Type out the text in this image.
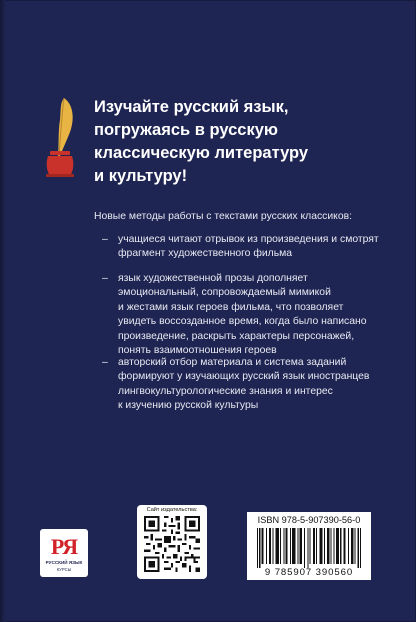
Изучайте русский язык,
погружаясь в русскую
классическую литературу
и культуру!
Новые методы работы с текстами русских классиков:
– учащиеся читают отрывок из произведения и смотрят
фрагмент художественного фильма
– язык художественной прозы дополняет
эмоциональный, сопровождаемый мимикой
и жестами язык героев фильма, что позволяет
увидеть воссозданное время, когда было написано
произведение, раскрыть характеры персонажей,
понять взаимоотношения героев
– авторский отбор материала и система заданий
формируют у изучающих русский язык иностранцев
лингвокультурологические знания и интерес
к изучению русской культуры
РЯ
РУССКИЙ ЯЗЫК
КУРСЫ
Сайт издательства:
ISBN 978-5-907390-56-0
9 785907 390560
